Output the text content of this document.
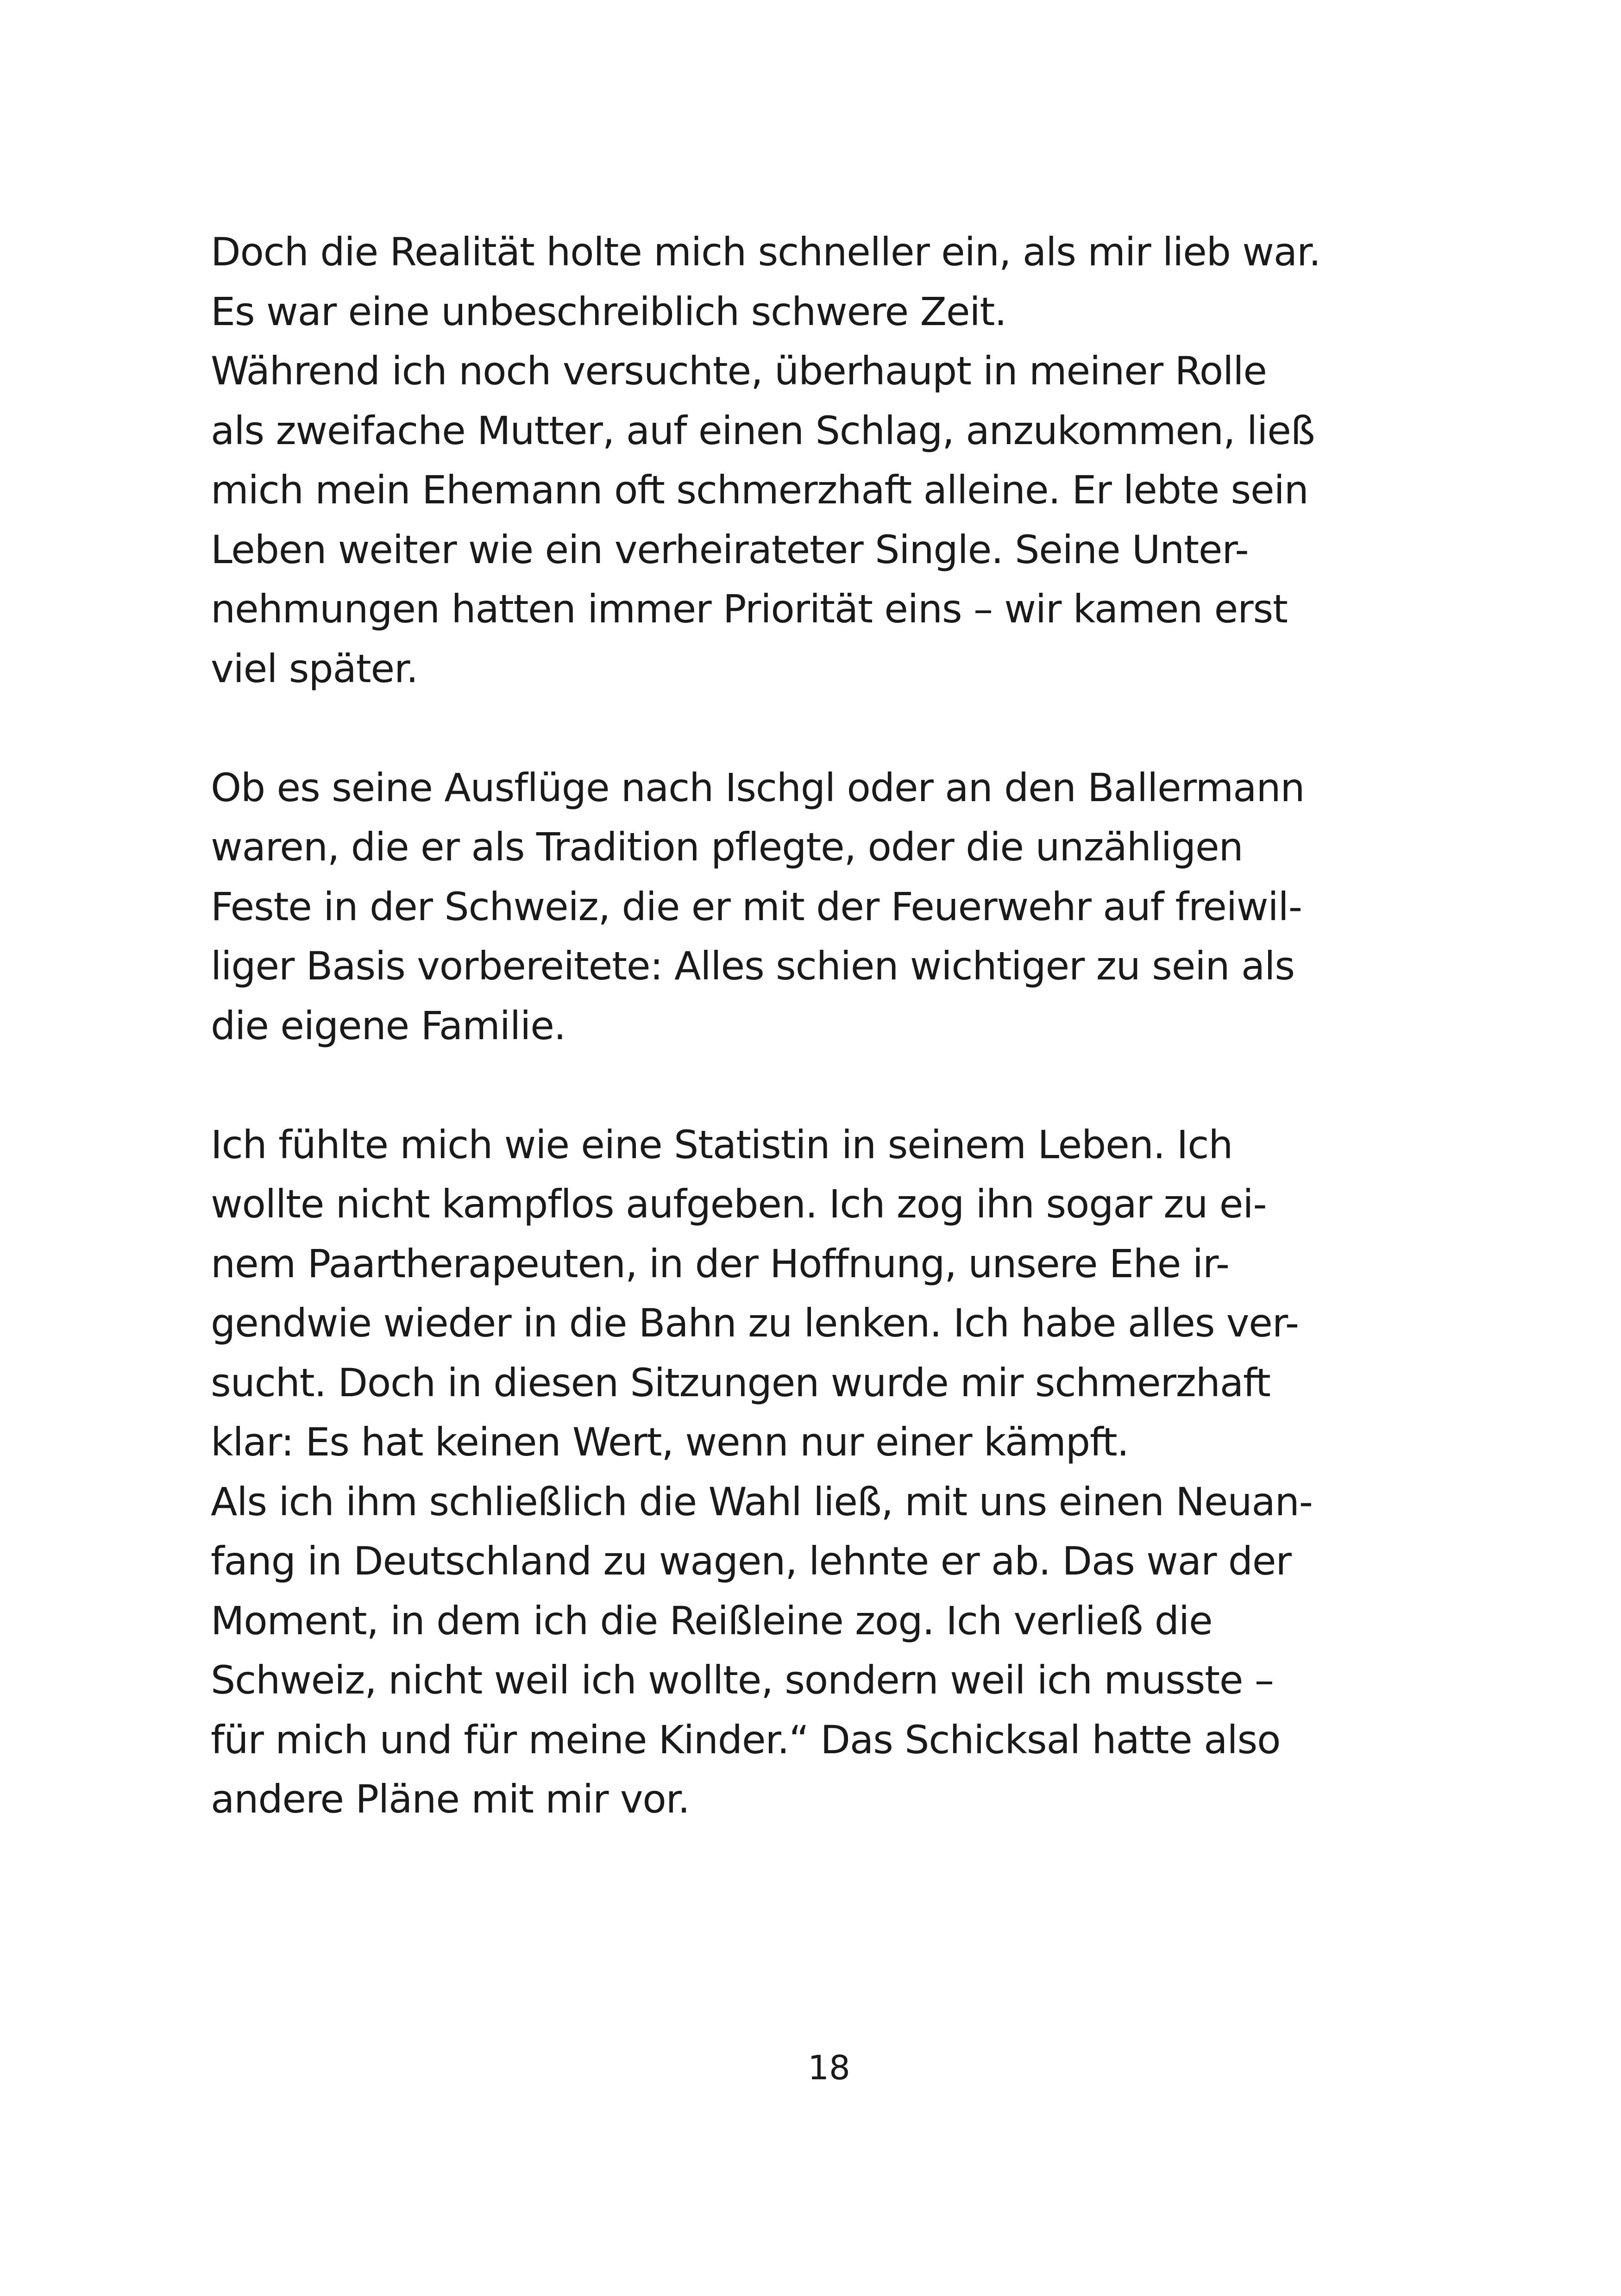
Doch die Realität holte mich schneller ein, als mir lieb war.
Es war eine unbeschreiblich schwere Zeit.
Während ich noch versuchte, überhaupt in meiner Rolle
als zweifache Mutter, auf einen Schlag, anzukommen, ließ
mich mein Ehemann oft schmerzhaft alleine. Er lebte sein
Leben weiter wie ein verheirateter Single. Seine Unter-
nehmungen hatten immer Priorität eins – wir kamen erst
viel später.
Ob es seine Ausflüge nach Ischgl oder an den Ballermann
waren, die er als Tradition pflegte, oder die unzähligen
Feste in der Schweiz, die er mit der Feuerwehr auf freiwil-
liger Basis vorbereitete: Alles schien wichtiger zu sein als
die eigene Familie.
Ich fühlte mich wie eine Statistin in seinem Leben. Ich
wollte nicht kampflos aufgeben. Ich zog ihn sogar zu ei-
nem Paartherapeuten, in der Hoffnung, unsere Ehe ir-
gendwie wieder in die Bahn zu lenken. Ich habe alles ver-
sucht. Doch in diesen Sitzungen wurde mir schmerzhaft
klar: Es hat keinen Wert, wenn nur einer kämpft.
Als ich ihm schließlich die Wahl ließ, mit uns einen Neuan-
fang in Deutschland zu wagen, lehnte er ab. Das war der
Moment, in dem ich die Reißleine zog. Ich verließ die
Schweiz, nicht weil ich wollte, sondern weil ich musste –
für mich und für meine Kinder.“ Das Schicksal hatte also
andere Pläne mit mir vor.
18
